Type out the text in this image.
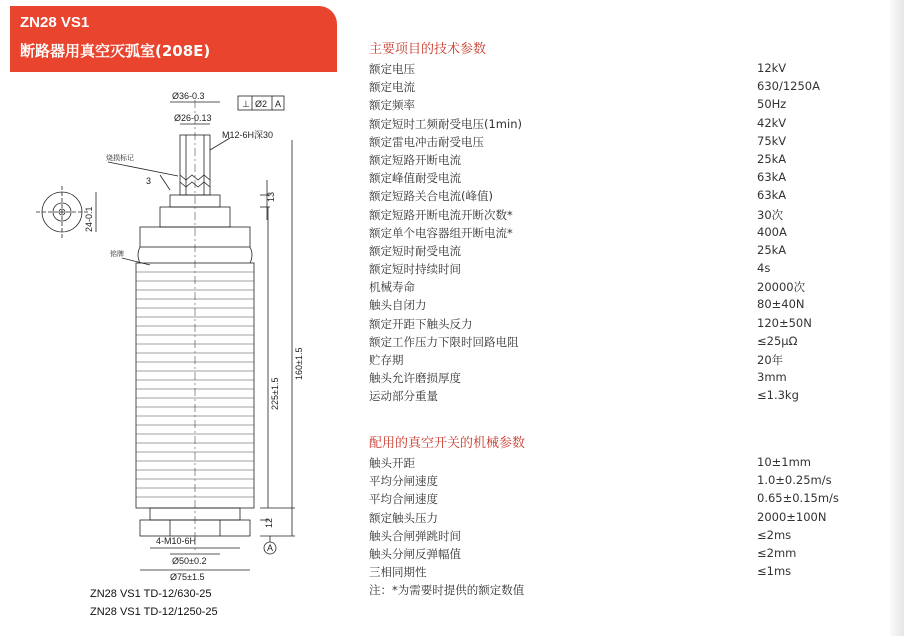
ZN28 VS1
断路器用真空灭弧室(208E)
Ø36-0.3
Ø26-0.13
⊥ Ø2 A
M12-6H深30
烧损标记
3
13
24-0.1
铭牌
160±1.5
225±1.5
12
4-M10-6H
Ø50±0.2
Ø75±1.5
A
ZN28 VS1 TD-12/630-25
ZN28 VS1 TD-12/1250-25
主要项目的技术参数
额定电压	12kV
额定电流	630/1250A
额定频率	50Hz
额定短时工频耐受电压(1min)	42kV
额定雷电冲击耐受电压	75kV
额定短路开断电流	25kA
额定峰值耐受电流	63kA
额定短路关合电流(峰值)	63kA
额定短路开断电流开断次数*	30次
额定单个电容器组开断电流*	400A
额定短时耐受电流	25kA
额定短时持续时间	4s
机械寿命	20000次
触头自闭力	80±40N
额定开距下触头反力	120±50N
额定工作压力下限时回路电阻	≤25μΩ
贮存期	20年
触头允许磨损厚度	3mm
运动部分重量	≤1.3kg
配用的真空开关的机械参数
触头开距	10±1mm
平均分闸速度	1.0±0.25m/s
平均合闸速度	0.65±0.15m/s
额定触头压力	2000±100N
触头合闸弹跳时间	≤2ms
触头分闸反弹幅值	≤2mm
三相同期性	≤1ms
注：*为需要时提供的额定数值
